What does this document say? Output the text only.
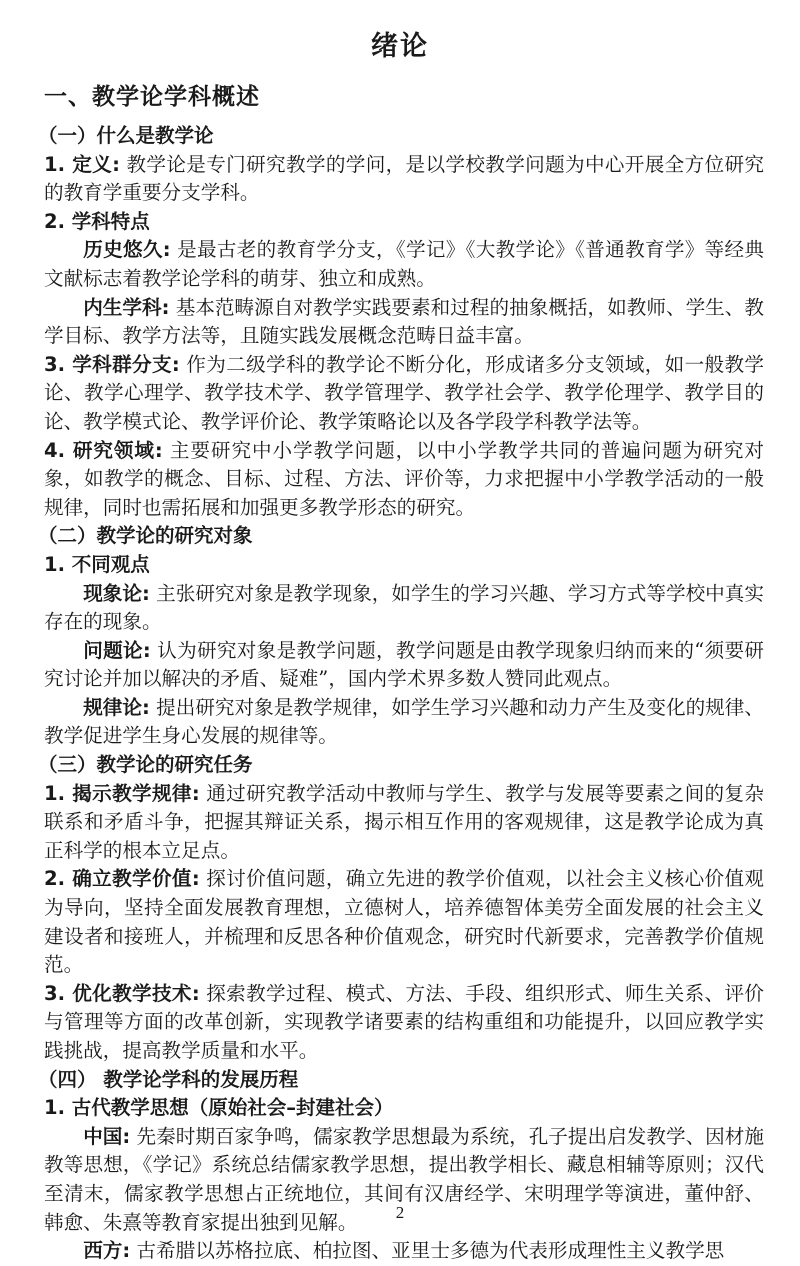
绪论
一、教学论学科概述
（一）什么是教学论

1. 定义: 教学论是专门研究教学的学问，是以学校教学问题为中心开展全方位研究的教育学重要分支学科。

2. 学科特点

历史悠久: 是最古老的教育学分支，《学记》《大教学论》《普通教育学》等经典文献标志着教学论学科的萌芽、独立和成熟。

内生学科: 基本范畴源自对教学实践要素和过程的抽象概括，如教师、学生、教学目标、教学方法等，且随实践发展概念范畴日益丰富。

3. 学科群分支: 作为二级学科的教学论不断分化，形成诸多分支领域，如一般教学论、教学心理学、教学技术学、教学管理学、教学社会学、教学伦理学、教学目的论、教学模式论、教学评价论、教学策略论以及各学段学科教学法等。

4. 研究领域: 主要研究中小学教学问题，以中小学教学共同的普遍问题为研究对象，如教学的概念、目标、过程、方法、评价等，力求把握中小学教学活动的一般规律，同时也需拓展和加强更多教学形态的研究。

（二）教学论的研究对象
1. 不同观点

现象论: 主张研究对象是教学现象，如学生的学习兴趣、学习方式等学校中真实存在的现象。

问题论: 认为研究对象是教学问题，教学问题是由教学现象归纳而来的“须要研究讨论并加以解决的矛盾、疑难”，国内学术界多数人赞同此观点。

规律论: 提出研究对象是教学规律，如学生学习兴趣和动力产生及变化的规律、教学促进学生身心发展的规律等。

（三）教学论的研究任务

1. 揭示教学规律: 通过研究教学活动中教师与学生、教学与发展等要素之间的复杂联系和矛盾斗争，把握其辩证关系，揭示相互作用的客观规律，这是教学论成为真正科学的根本立足点。

2. 确立教学价值: 探讨价值问题，确立先进的教学价值观，以社会主义核心价值观为导向，坚持全面发展教育理想，立德树人，培养德智体美劳全面发展的社会主义建设者和接班人，并梳理和反思各种价值观念，研究时代新要求，完善教学价值规范。

3. 优化教学技术: 探索教学过程、模式、方法、手段、组织形式、师生关系、评价与管理等方面的改革创新，实现教学诸要素的结构重组和功能提升，以回应教学实践挑战，提高教学质量和水平。

（四） 教学论学科的发展历程
1. 古代教学思想（原始社会–封建社会）

中国: 先秦时期百家争鸣，儒家教学思想最为系统，孔子提出启发教学、因材施教等思想，《学记》系统总结儒家教学思想，提出教学相长、藏息相辅等原则；汉代至清末，儒家教学思想占正统地位，其间有汉唐经学、宋明理学等演进，董仲舒、韩愈、朱熹等教育家提出独到见解。

西方: 古希腊以苏格拉底、柏拉图、亚里士多德为代表形成理性主义教学思

2
